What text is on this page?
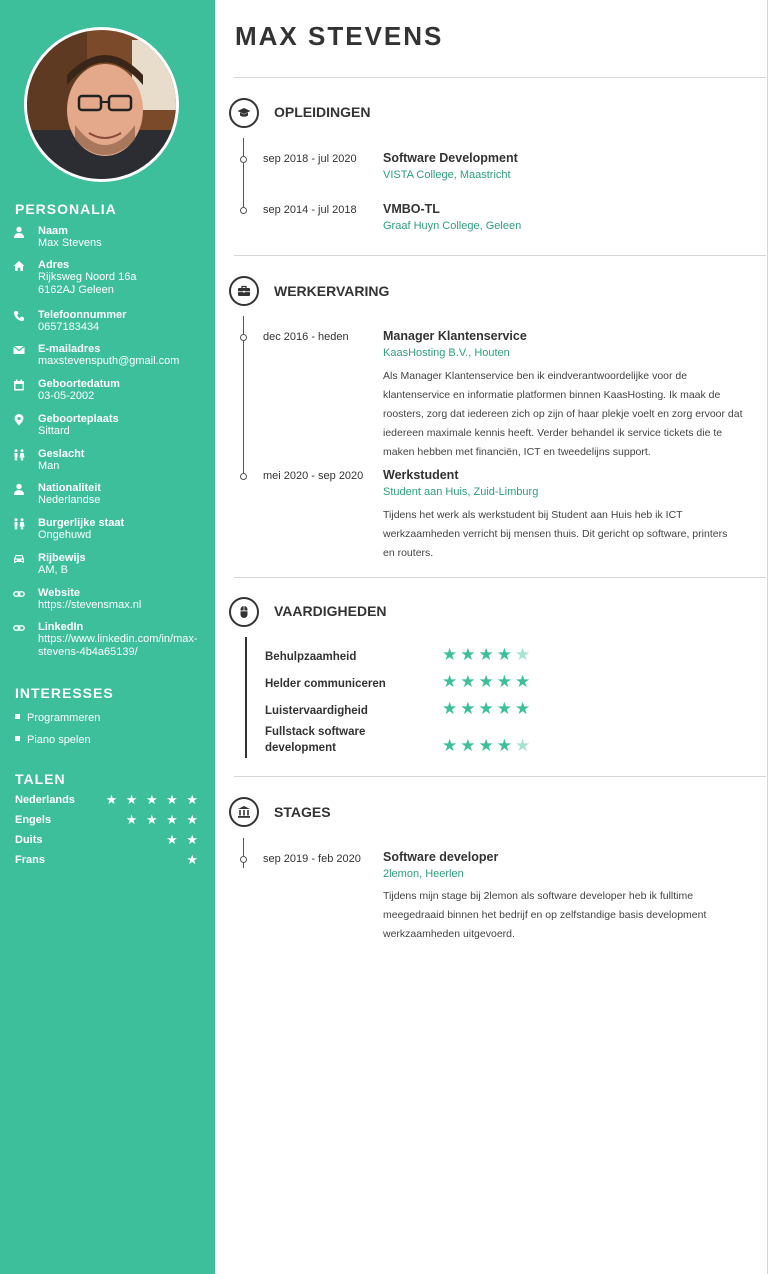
PERSONALIA
Naam
Max Stevens
Adres
Rijksweg Noord 16a
6162AJ Geleen
Telefoonnummer
0657183434
E-mailadres
maxstevensputh@gmail.com
Geboortedatum
03-05-2002
Geboorteplaats
Sittard
Geslacht
Man
Nationaliteit
Nederlandse
Burgerlijke staat
Ongehuwd
Rijbewijs
AM, B
Website
https://stevensmax.nl
LinkedIn
https://www.linkedin.com/in/max-
stevens-4b4a65139/
INTERESSES
Programmeren
Piano spelen
TALEN
Nederlands ★ ★ ★ ★ ★
Engels	★ ★ ★ ★
Duits	★ ★
Frans	★
MAX STEVENS
OPLEIDINGEN
sep 2018 - jul 2020 Software Development
VISTA College, Maastricht
sep 2014 - jul 2018 VMBO-TL
Graaf Huyn College, Geleen
WERKERVARING
dec 2016 - heden	Manager Klantenservice
KaasHosting B.V., Houten
Als Manager Klantenservice ben ik eindverantwoordelijke voor de
klantenservice en informatie platformen binnen KaasHosting. Ik maak de
roosters, zorg dat iedereen zich op zijn of haar plekje voelt en zorg ervoor dat
iedereen maximale kennis heeft. Verder behandel ik service tickets die te
maken hebben met financiën, ICT en tweedelijns support.
mei 2020 - sep 2020 Werkstudent
Student aan Huis, Zuid-Limburg
Tijdens het werk als werkstudent bij Student aan Huis heb ik ICT
werkzaamheden verricht bij mensen thuis. Dit gericht op software, printers
en routers.
VAARDIGHEDEN
Behulpzaamheid	★★★★★
Helder communiceren	★★★★★
Luistervaardigheid	★★★★★
Fullstack software
development	★★★★★
STAGES
sep 2019 - feb 2020 Software developer
2lemon, Heerlen
Tijdens mijn stage bij 2lemon als software developer heb ik fulltime
meegedraaid binnen het bedrijf en op zelfstandige basis development
werkzaamheden uitgevoerd.
